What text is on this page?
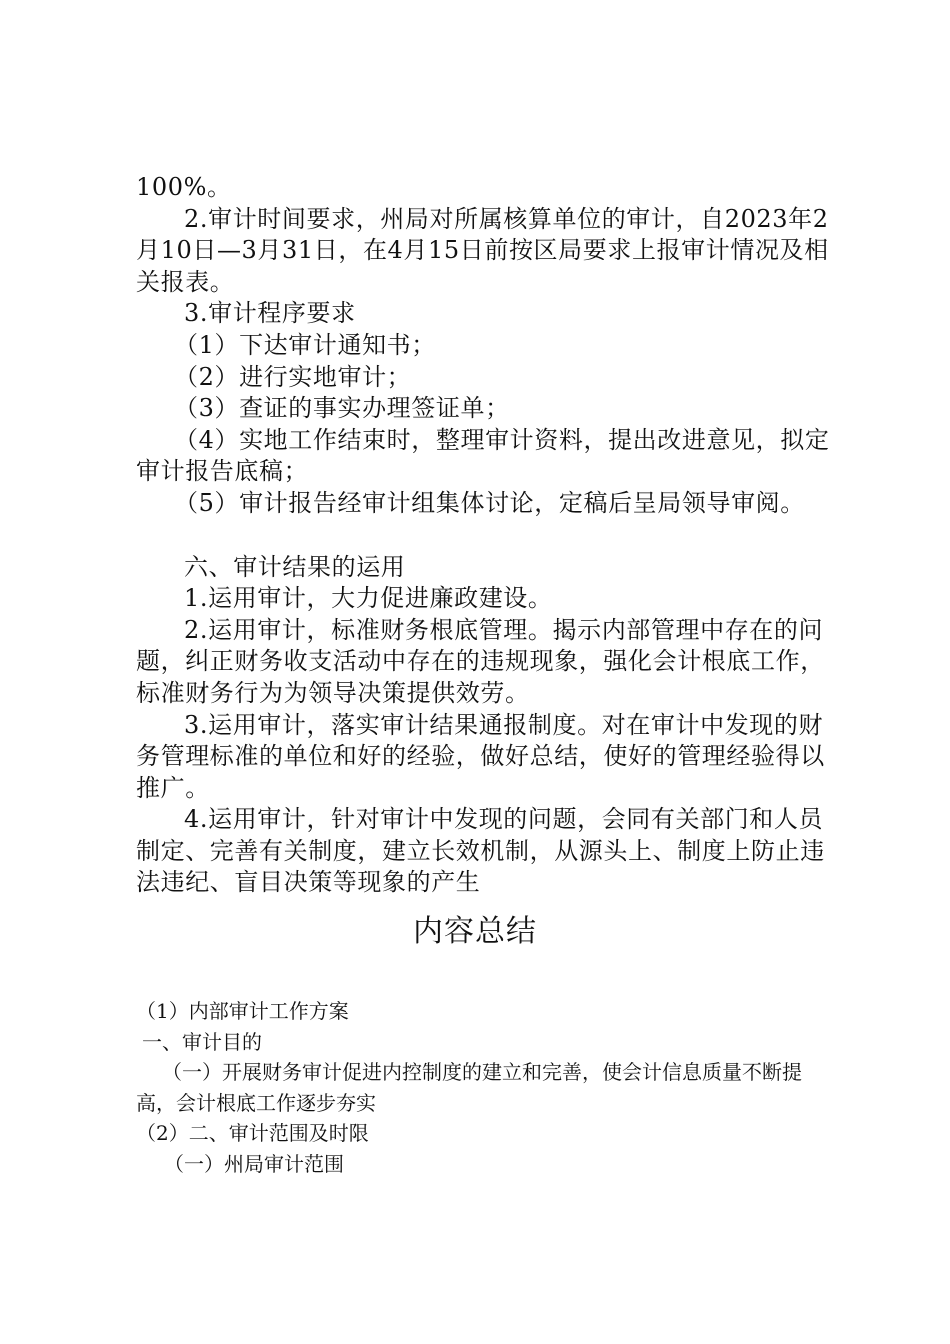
100%。

2.审计时间要求，州局对所属核算单位的审计，自2023年2月10日—3月31日，在4月15日前按区局要求上报审计情况及相关报表。

3.审计程序要求

（1）下达审计通知书；

（2）进行实地审计；

（3）查证的事实办理签证单；

（4）实地工作结束时，整理审计资料，提出改进意见，拟定审计报告底稿；

（5）审计报告经审计组集体讨论，定稿后呈局领导审阅。

六、审计结果的运用

1.运用审计，大力促进廉政建设。

2.运用审计，标准财务根底管理。揭示内部管理中存在的问题，纠正财务收支活动中存在的违规现象，强化会计根底工作，标准财务行为为领导决策提供效劳。

3.运用审计，落实审计结果通报制度。对在审计中发现的财务管理标准的单位和好的经验，做好总结，使好的管理经验得以推广。

4.运用审计，针对审计中发现的问题，会同有关部门和人员制定、完善有关制度，建立长效机制，从源头上、制度上防止违法违纪、盲目决策等现象的产生

内容总结

（1）内部审计工作方案

一、审计目的

（一）开展财务审计促进内控制度的建立和完善，使会计信息质量不断提高，会计根底工作逐步夯实

（2）二、审计范围及时限

（一）州局审计范围
